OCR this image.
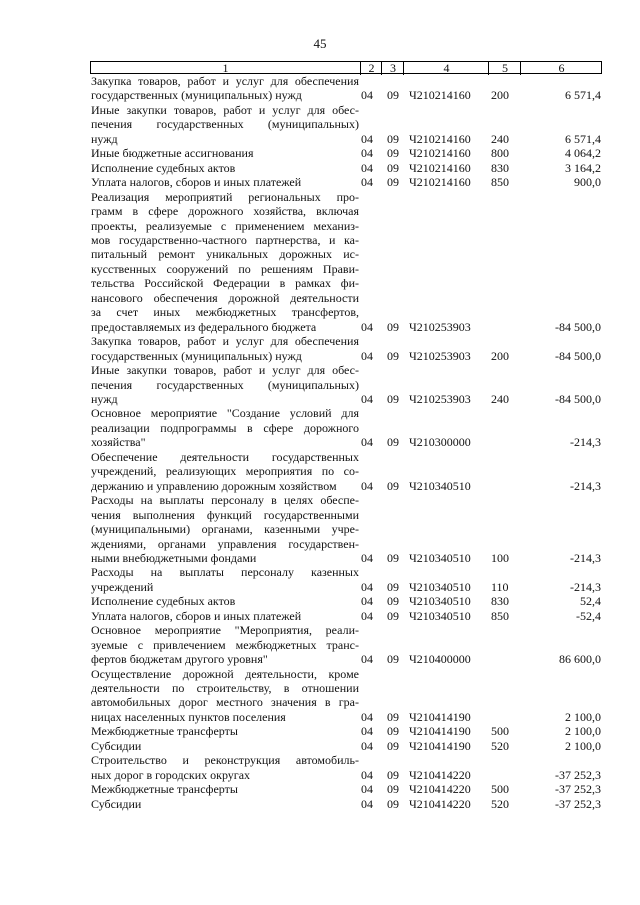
45
1	2	3	4	5	6
Закупка товаров, работ и услуг для обеспечения
государственных (муниципальных) нужд	04 09 Ч210214160 200	6 571,4
Иные закупки товаров, работ и услуг для обес-
печения государственных (муниципальных)
нужд	04 09 Ч210214160 240	6 571,4
Иные бюджетные ассигнования	04 09 Ч210214160 800	4 064,2
Исполнение судебных актов	04 09 Ч210214160 830	3 164,2
Уплата налогов, сборов и иных платежей	04 09 Ч210214160 850	900,0
Реализация мероприятий региональных про-
грамм в сфере дорожного хозяйства, включая
проекты, реализуемые с применением механиз-
мов государственно-частного партнерства, и ка-
питальный ремонт уникальных дорожных ис-
кусственных сооружений по решениям Прави-
тельства Российской Федерации в рамках фи-
нансового обеспечения дорожной деятельности
за счет иных межбюджетных трансфертов,
предоставляемых из федерального бюджета	04 09 Ч210253903	-84 500,0
Закупка товаров, работ и услуг для обеспечения
государственных (муниципальных) нужд	04 09 Ч210253903 200	-84 500,0
Иные закупки товаров, работ и услуг для обес-
печения государственных (муниципальных)
нужд	04 09 Ч210253903 240	-84 500,0
Основное мероприятие "Создание условий для
реализации подпрограммы в сфере дорожного
хозяйства"	04 09 Ч210300000	-214,3
Обеспечение деятельности государственных
учреждений, реализующих мероприятия по со-
держанию и управлению дорожным хозяйством	04 09 Ч210340510	-214,3
Расходы на выплаты персоналу в целях обеспе-
чения выполнения функций государственными
(муниципальными) органами, казенными учре-
ждениями, органами управления государствен-
ными внебюджетными фондами	04 09 Ч210340510 100	-214,3
Расходы на выплаты персоналу казенных
учреждений	04 09 Ч210340510 110	-214,3
Исполнение судебных актов	04 09 Ч210340510 830	52,4
Уплата налогов, сборов и иных платежей	04 09 Ч210340510 850	-52,4
Основное мероприятие "Мероприятия, реали-
зуемые с привлечением межбюджетных транс-
фертов бюджетам другого уровня"	04 09 Ч210400000	86 600,0
Осуществление дорожной деятельности, кроме
деятельности по строительству, в отношении
автомобильных дорог местного значения в гра-
ницах населенных пунктов поселения	04 09 Ч210414190	2 100,0
Межбюджетные трансферты	04 09 Ч210414190 500	2 100,0
Субсидии	04 09 Ч210414190 520	2 100,0
Строительство и реконструкция автомобиль-
ных дорог в городских округах	04 09 Ч210414220	-37 252,3
Межбюджетные трансферты	04 09 Ч210414220 500	-37 252,3
Субсидии	04 09 Ч210414220 520	-37 252,3
